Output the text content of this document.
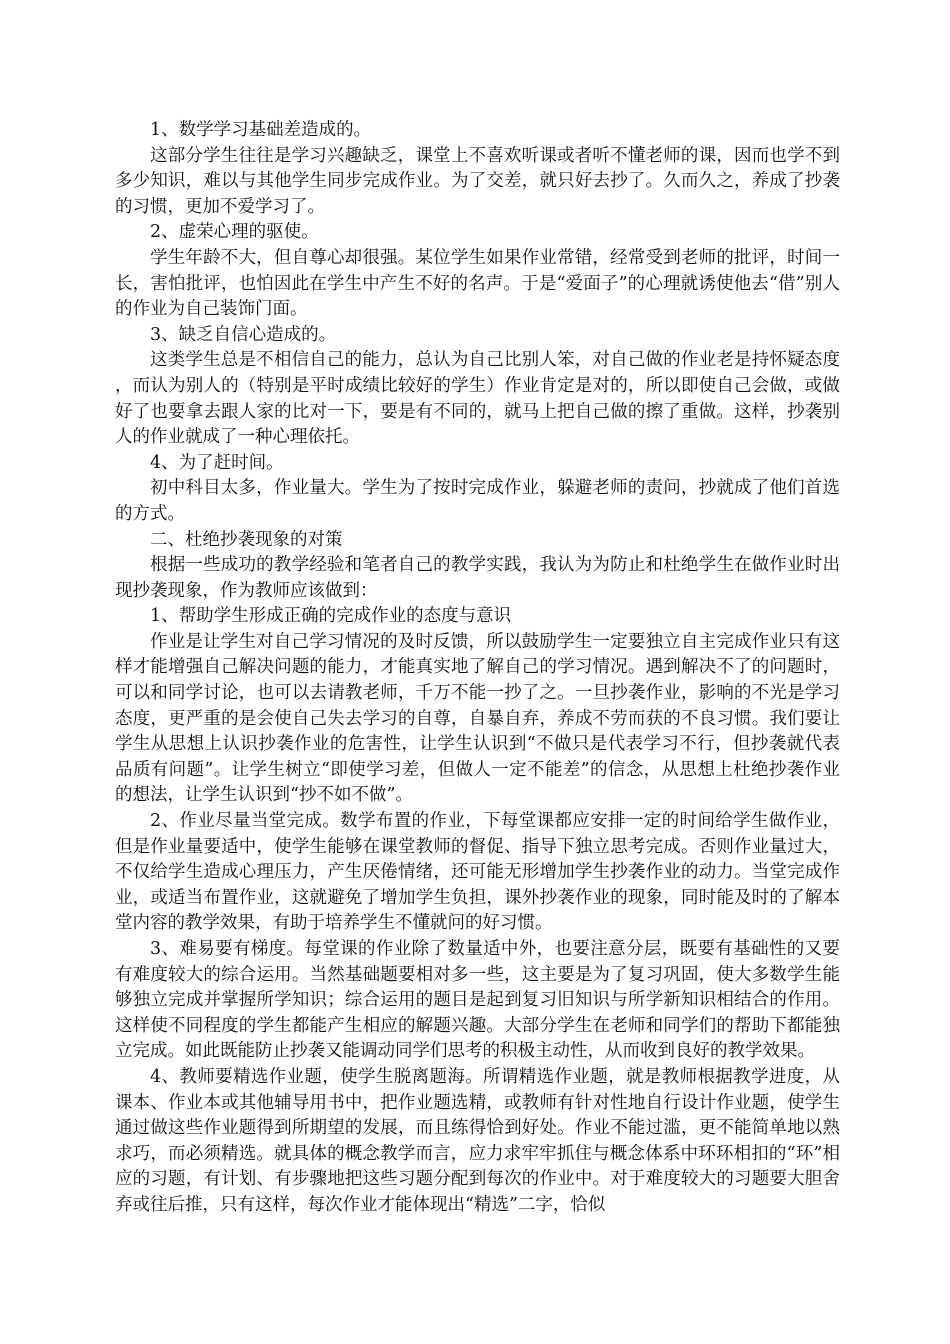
1、数学学习基础差造成的。

这部分学生往往是学习兴趣缺乏，课堂上不喜欢听课或者听不懂老师的课，因而也学不到多少知识，难以与其他学生同步完成作业。为了交差，就只好去抄了。久而久之，养成了抄袭的习惯，更加不爱学习了。

2、虚荣心理的驱使。

学生年龄不大，但自尊心却很强。某位学生如果作业常错，经常受到老师的批评，时间一长，害怕批评，也怕因此在学生中产生不好的名声。于是“爱面子”的心理就诱使他去“借”别人的作业为自己装饰门面。

3、缺乏自信心造成的。

这类学生总是不相信自己的能力，总认为自己比别人笨，对自己做的作业老是持怀疑态度，而认为别人的（特别是平时成绩比较好的学生）作业肯定是对的，所以即使自己会做，或做好了也要拿去跟人家的比对一下，要是有不同的，就马上把自己做的擦了重做。这样，抄袭别人的作业就成了一种心理依托。

4、为了赶时间。

初中科目太多，作业量大。学生为了按时完成作业，躲避老师的责问，抄就成了他们首选的方式。

二、杜绝抄袭现象的对策

根据一些成功的教学经验和笔者自己的教学实践，我认为为防止和杜绝学生在做作业时出现抄袭现象，作为教师应该做到：

1、帮助学生形成正确的完成作业的态度与意识

作业是让学生对自己学习情况的及时反馈，所以鼓励学生一定要独立自主完成作业只有这样才能增强自己解决问题的能力，才能真实地了解自己的学习情况。遇到解决不了的问题时，可以和同学讨论，也可以去请教老师，千万不能一抄了之。一旦抄袭作业，影响的不光是学习态度，更严重的是会使自己失去学习的自尊，自暴自弃，养成不劳而获的不良习惯。我们要让学生从思想上认识抄袭作业的危害性，让学生认识到“不做只是代表学习不行，但抄袭就代表品质有问题”。让学生树立“即使学习差，但做人一定不能差”的信念，从思想上杜绝抄袭作业的想法，让学生认识到“抄不如不做”。

2、作业尽量当堂完成。数学布置的作业，下每堂课都应安排一定的时间给学生做作业，但是作业量要适中，使学生能够在课堂教师的督促、指导下独立思考完成。否则作业量过大，不仅给学生造成心理压力，产生厌倦情绪，还可能无形增加学生抄袭作业的动力。当堂完成作业，或适当布置作业，这就避免了增加学生负担，课外抄袭作业的现象，同时能及时的了解本堂内容的教学效果，有助于培养学生不懂就问的好习惯。

3、难易要有梯度。每堂课的作业除了数量适中外，也要注意分层，既要有基础性的又要有难度较大的综合运用。当然基础题要相对多一些，这主要是为了复习巩固，使大多数学生能够独立完成并掌握所学知识；综合运用的题目是起到复习旧知识与所学新知识相结合的作用。这样使不同程度的学生都能产生相应的解题兴趣。大部分学生在老师和同学们的帮助下都能独立完成。如此既能防止抄袭又能调动同学们思考的积极主动性，从而收到良好的教学效果。

4、教师要精选作业题，使学生脱离题海。所谓精选作业题，就是教师根据教学进度，从课本、作业本或其他辅导用书中，把作业题选精，或教师有针对性地自行设计作业题，使学生通过做这些作业题得到所期望的发展，而且练得恰到好处。作业不能过滥，更不能简单地以熟求巧，而必须精选。就具体的概念教学而言，应力求牢牢抓住与概念体系中环环相扣的“环”相应的习题，有计划、有步骤地把这些习题分配到每次的作业中。对于难度较大的习题要大胆舍弃或往后推，只有这样，每次作业才能体现出“精选”二字，恰似
